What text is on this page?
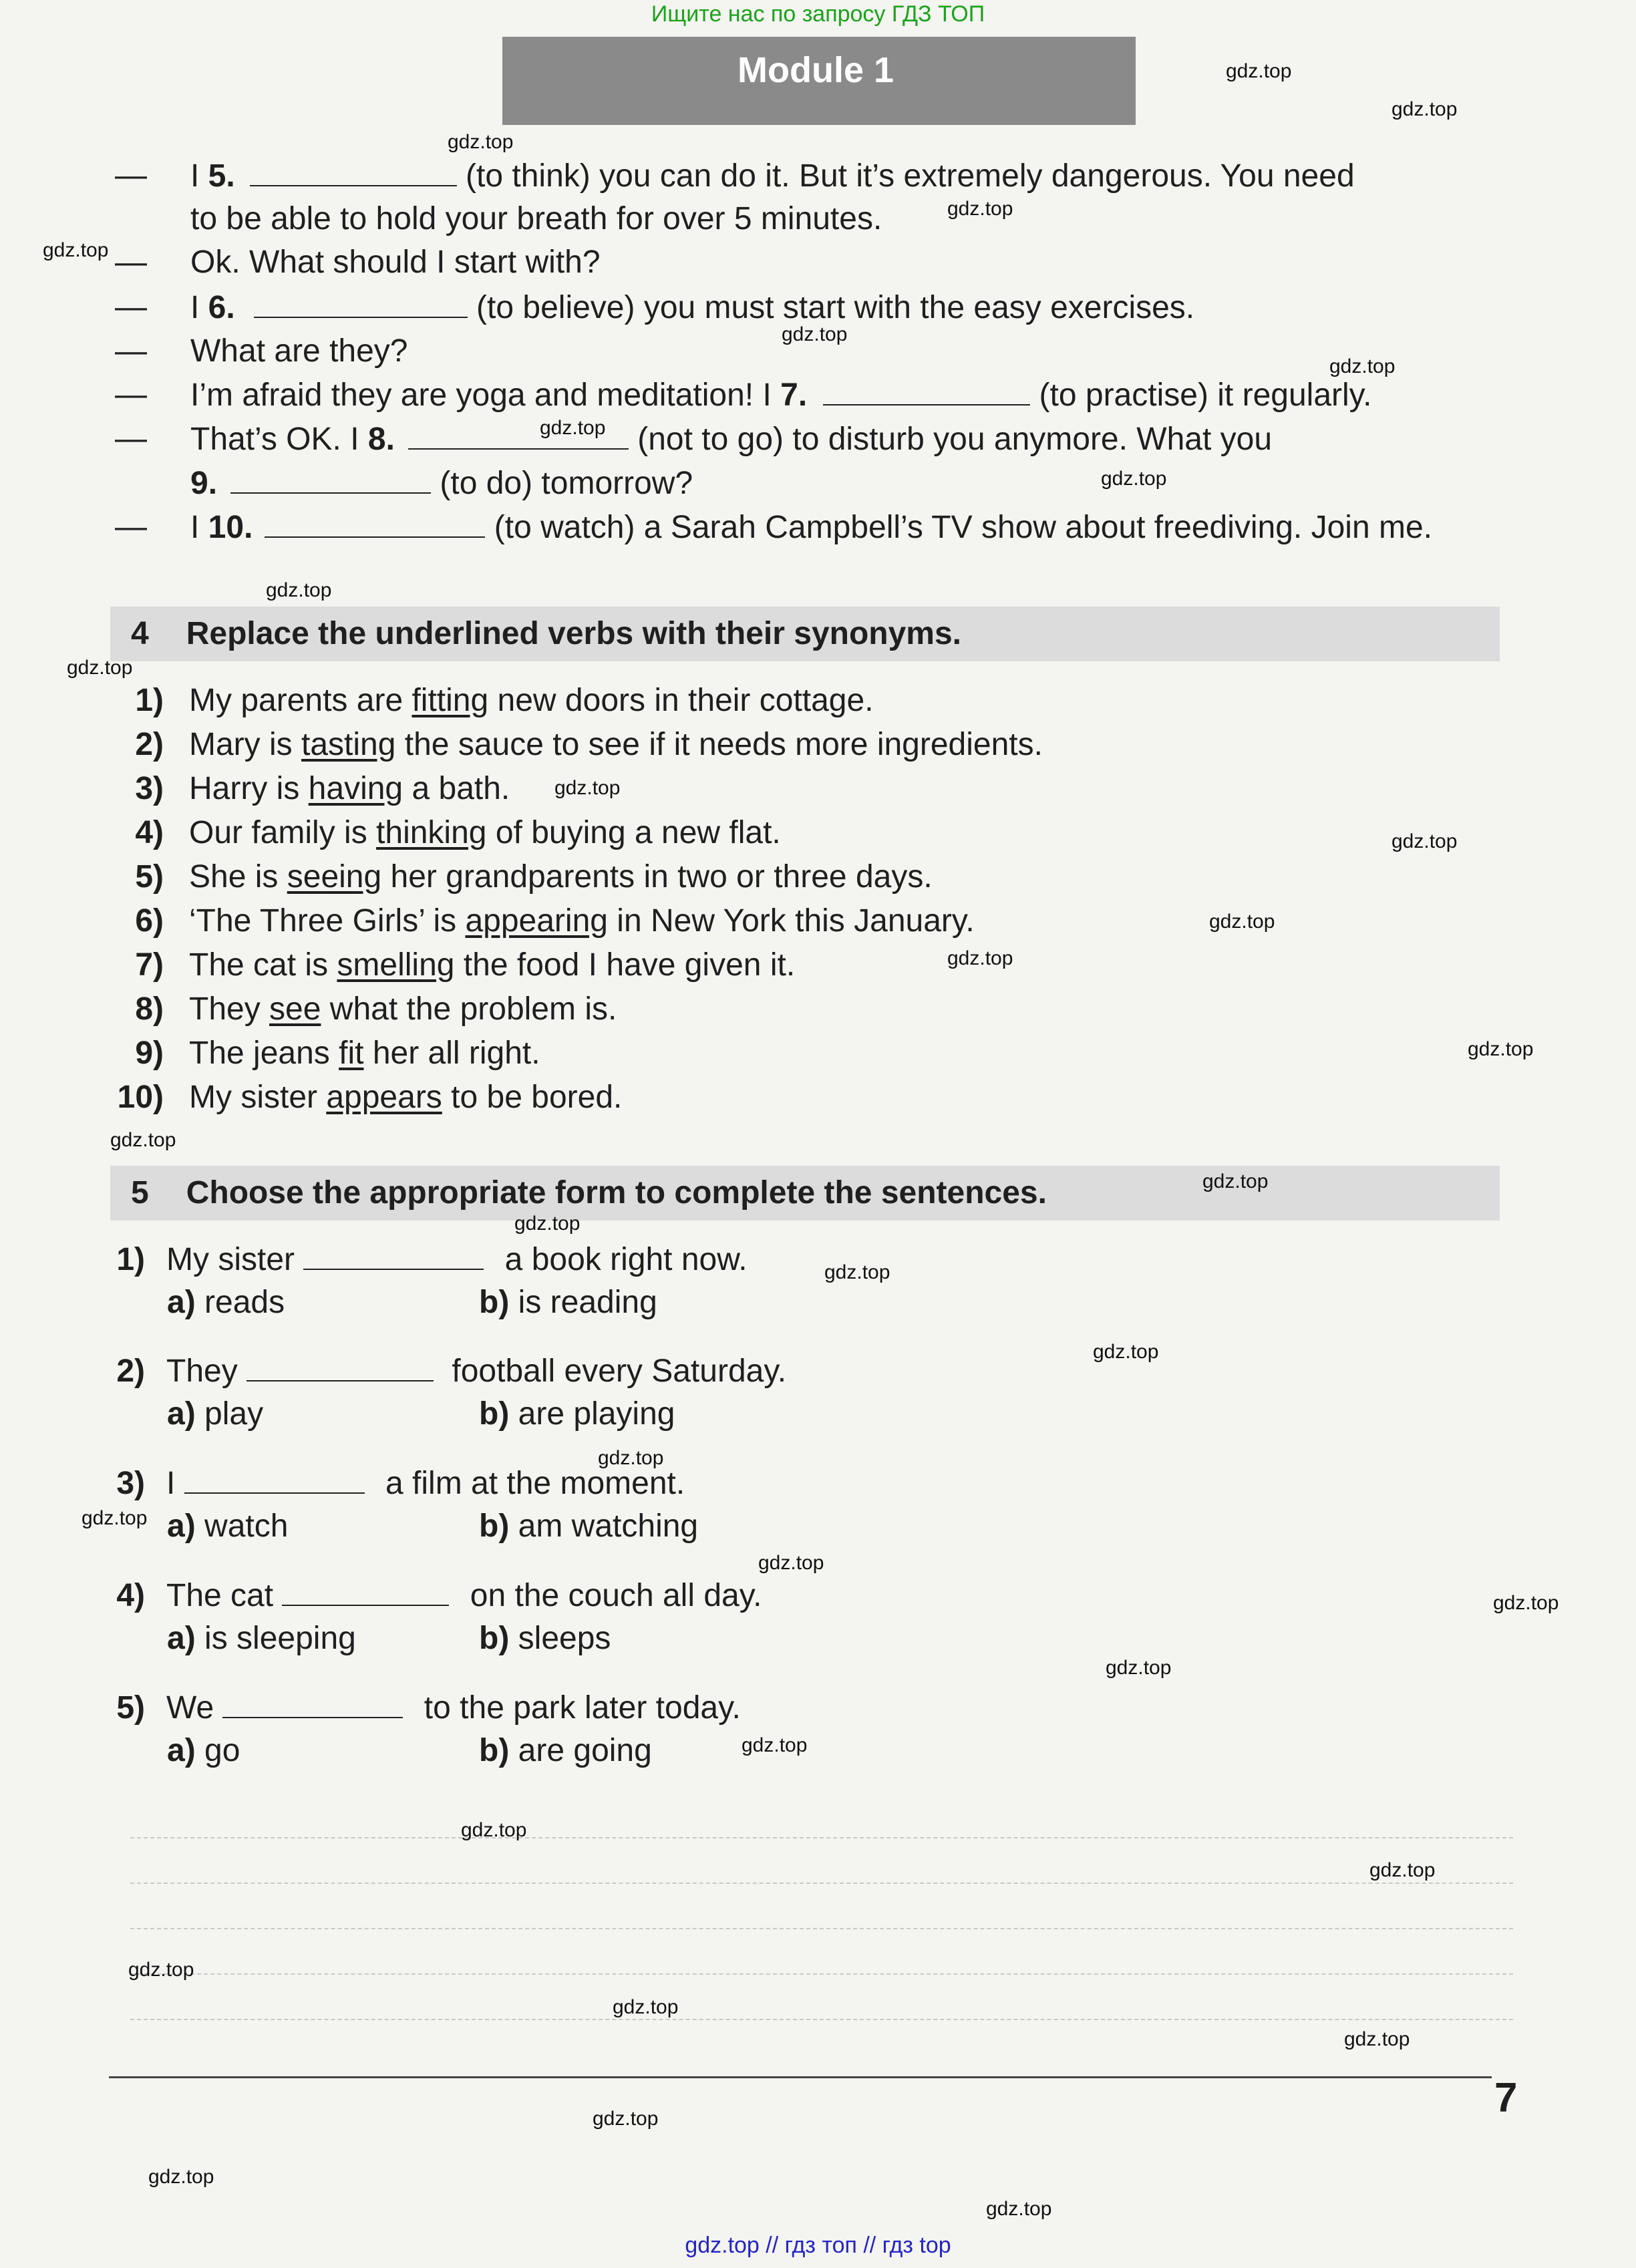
Ищите нас по запросу ГДЗ ТОП
Module 1
— I 5.	(to think) you can do it. But it’s extremely dangerous. You need
to be able to hold your breath for over 5 minutes.
— Ok. What should I start with?
— I 6.	(to believe) you must start with the easy exercises.
— What are they?
— I’m afraid they are yoga and meditation! I 7.	(to practise) it regularly.
— That’s OK. I 8.	(not to go) to disturb you anymore. What you
9.	(to do) tomorrow?
— I 10.	(to watch) a Sarah Campbell’s TV show about freediving. Join me.
4 Replace the underlined verbs with their synonyms.
1) My parents are fitting new doors in their cottage.
2) Mary is tasting the sauce to see if it needs more ingredients.
3) Harry is having a bath.
4) Our family is thinking of buying a new flat.
5) She is seeing her grandparents in two or three days.
6) ‘The Three Girls’ is appearing in New York this January.
7) The cat is smelling the food I have given it.
8) They see what the problem is.
9) The jeans fit her all right.
10) My sister appears to be bored.
5 Choose the appropriate form to complete the sentences.
1) My sister	a book right now.
a) reads	b) is reading
2) They	football every Saturday.
a) play	b) are playing
3) I	a film at the moment.
a) watch	b) am watching
4) The cat	on the couch all day.
a) is sleeping	b) sleeps
5) We	to the park later today.
a) go	b) are going
7
gdz.top
gdz.top
gdz.top
gdz.top
gdz.top
gdz.top
gdz.top
gdz.top
gdz.top
gdz.top
gdz.top
gdz.top
gdz.top
gdz.top
gdz.top
gdz.top
gdz.top
gdz.top
gdz.top
gdz.top
gdz.top
gdz.top
gdz.top
gdz.top
gdz.top
gdz.top
gdz.top
gdz.top
gdz.top
gdz.top
gdz.top
gdz.top
gdz.top
gdz.top
gdz.top
gdz.top // гдз топ // гдз top
